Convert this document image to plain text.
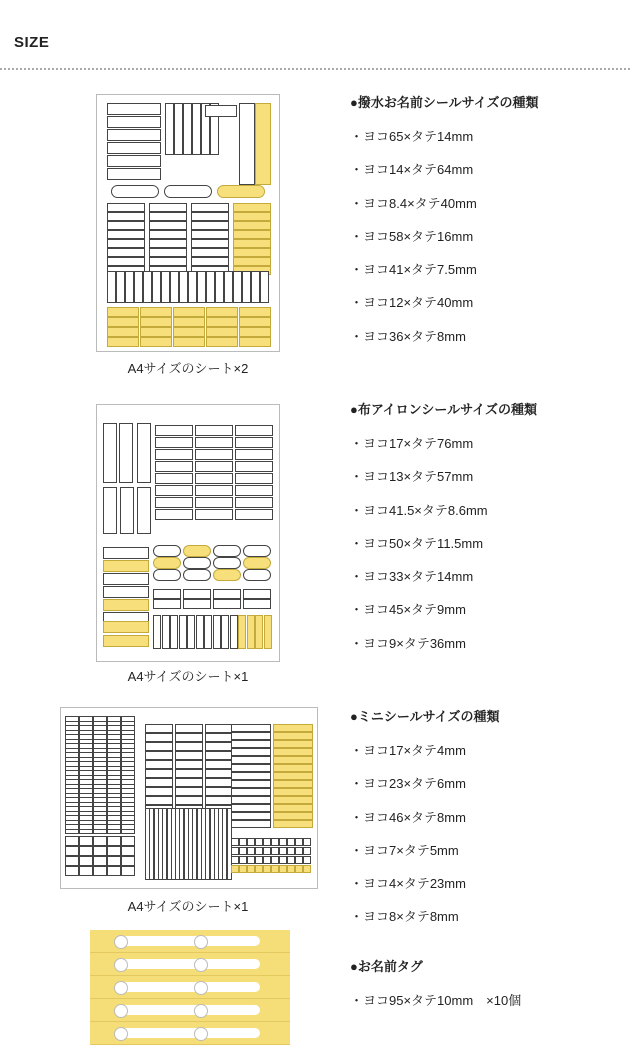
SIZE
A4サイズのシート×2
A4サイズのシート×1
A4サイズのシート×1
●撥水お名前シールサイズの種類
・ヨコ65×タテ14mm
・ヨコ14×タテ64mm
・ヨコ8.4×タテ40mm
・ヨコ58×タテ16mm
・ヨコ41×タテ7.5mm
・ヨコ12×タテ40mm
・ヨコ36×タテ8mm
●布アイロンシールサイズの種類
・ヨコ17×タテ76mm
・ヨコ13×タテ57mm
・ヨコ41.5×タテ8.6mm
・ヨコ50×タテ11.5mm
・ヨコ33×タテ14mm
・ヨコ45×タテ9mm
・ヨコ9×タテ36mm
●ミニシールサイズの種類
・ヨコ17×タテ4mm
・ヨコ23×タテ6mm
・ヨコ46×タテ8mm
・ヨコ7×タテ5mm
・ヨコ4×タテ23mm
・ヨコ8×タテ8mm
●お名前タグ
・ヨコ95×タテ10mm　×10個
